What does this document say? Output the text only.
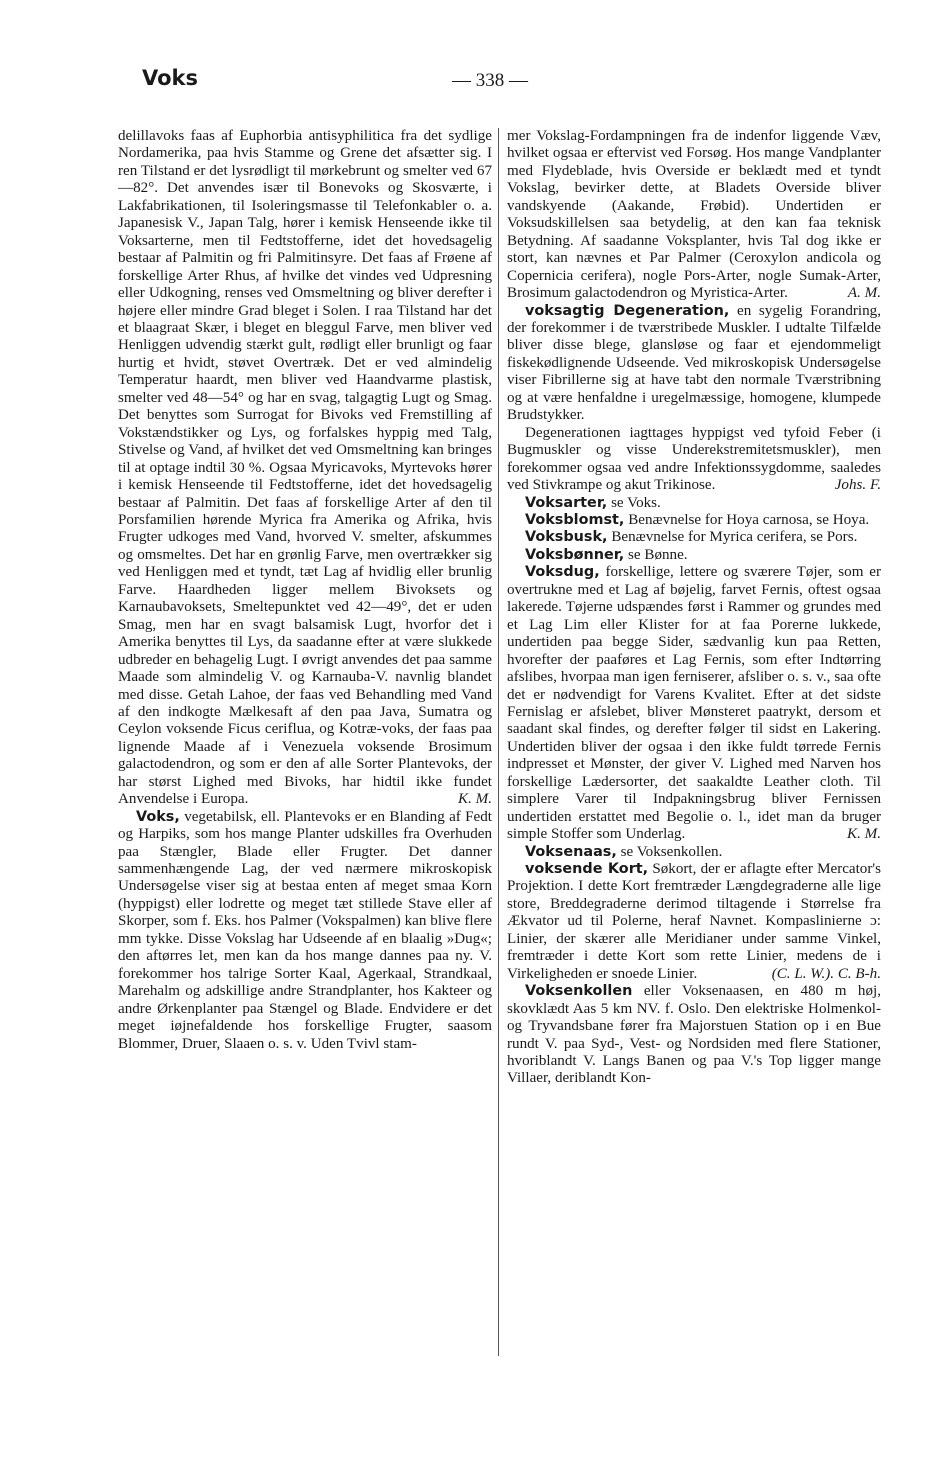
Voks	— 338 —

delillavoks faas af Euphorbia antisyphilitica fra det sydlige Nordamerika, paa hvis Stamme og Grene det afsætter sig. I ren Tilstand er det lysrødligt til mørkebrunt og smelter ved 67—82°. Det anvendes især til Bonevoks og Skosværte, i Lakfabrikationen, til Isoleringsmasse til Telefonkabler o. a. Japanesisk V., Japan Talg, hører i kemisk Henseende ikke til Voksarterne, men til Fedtstofferne, idet det hovedsagelig bestaar af Palmitin og fri Palmitinsyre. Det faas af Frøene af forskellige Arter Rhus, af hvilke det vindes ved Udpresning eller Udkogning, renses ved Omsmeltning og bliver derefter i højere eller mindre Grad bleget i Solen. I raa Tilstand har det et blaagraat Skær, i bleget en bleggul Farve, men bliver ved Henliggen udvendig stærkt gult, rødligt eller brunligt og faar hurtig et hvidt, støvet Overtræk. Det er ved almindelig Temperatur haardt, men bliver ved Haandvarme plastisk, smelter ved 48—54° og har en svag, talgagtig Lugt og Smag. Det benyttes som Surrogat for Bivoks ved Fremstilling af Vokstændstikker og Lys, og forfalskes hyppig med Talg, Stivelse og Vand, af hvilket det ved Omsmeltning kan bringes til at optage indtil 30 %. Ogsaa Myricavoks, Myrtevoks hører i kemisk Henseende til Fedtstofferne, idet det hovedsagelig bestaar af Palmitin. Det faas af forskellige Arter af den til Porsfamilien hørende Myrica fra Amerika og Afrika, hvis Frugter udkoges med Vand, hvorved V. smelter, afskummes og omsmeltes. Det har en grønlig Farve, men overtrækker sig ved Henliggen med et tyndt, tæt Lag af hvidlig eller brunlig Farve. Haardheden ligger mellem Bivoksets og Karnaubavoksets, Smeltepunktet ved 42—49°, det er uden Smag, men har en svagt balsamisk Lugt, hvorfor det i Amerika benyttes til Lys, da saadanne efter at være slukkede udbreder en behagelig Lugt. I øvrigt anvendes det paa samme Maade som almindelig V. og Karnauba-V. navnlig blandet med disse. Getah Lahoe, der faas ved Behandling med Vand af den indkogte Mælkesaft af den paa Java, Sumatra og Ceylon voksende Ficus ceriflua, og Kotræ-voks, der faas paa lignende Maade af i Venezuela voksende Brosimum galactodendron, og som er den af alle Sorter Plantevoks, der har størst Lighed med Bivoks, har hidtil ikke fundet Anvendelse i Europa.	K. M.

Voks, vegetabilsk, ell. Plantevoks er en Blanding af Fedt og Harpiks, som hos mange Planter udskilles fra Overhuden paa Stængler, Blade eller Frugter. Det danner sammenhængende Lag, der ved nærmere mikroskopisk Undersøgelse viser sig at bestaa enten af meget smaa Korn (hyppigst) eller lodrette og meget tæt stillede Stave eller af Skorper, som f. Eks. hos Palmer (Vokspalmen) kan blive flere mm tykke. Disse Vokslag har Udseende af en blaalig »Dug«; den aftørres let, men kan da hos mange dannes paa ny. V. forekommer hos talrige Sorter Kaal, Agerkaal, Strandkaal, Marehalm og adskillige andre Strandplanter, hos Kakteer og andre Ørkenplanter paa Stængel og Blade. Endvidere er det meget iøjnefaldende hos forskellige Frugter, saasom Blommer, Druer, Slaaen o. s. v. Uden Tvivl stam-

mer Vokslag-Fordampningen fra de indenfor liggende Væv, hvilket ogsaa er eftervist ved Forsøg. Hos mange Vandplanter med Flydeblade, hvis Overside er beklædt med et tyndt Vokslag, bevirker dette, at Bladets Overside bliver vandskyende (Aakande, Frøbid). Undertiden er Voksudskillelsen saa betydelig, at den kan faa teknisk Betydning. Af saadanne Voksplanter, hvis Tal dog ikke er stort, kan nævnes et Par Palmer (Ceroxylon andicola og Copernicia cerifera), nogle Pors-Arter, nogle Sumak-Arter, Brosimum galactodendron og Myristica-Arter.	A. M.

voksagtig Degeneration, en sygelig Forandring, der forekommer i de tværstribede Muskler. I udtalte Tilfælde bliver disse blege, glansløse og faar et ejendommeligt fiskekødlignende Udseende. Ved mikroskopisk Undersøgelse viser Fibrillerne sig at have tabt den normale Tværstribning og at være henfaldne i uregelmæssige, homogene, klumpede Brudstykker.

Degenerationen iagttages hyppigst ved tyfoid Feber (i Bugmuskler og visse Underekstremitetsmuskler), men forekommer ogsaa ved andre Infektionssygdomme, saaledes ved Stivkrampe og akut Trikinose.	Johs. F.

Voksarter, se Voks.

Voksblomst, Benævnelse for Hoya carnosa, se Hoya.

Voksbusk, Benævnelse for Myrica cerifera, se Pors.

Voksbønner, se Bønne.

Voksdug, forskellige, lettere og sværere Tøjer, som er overtrukne med et Lag af bøjelig, farvet Fernis, oftest ogsaa lakerede. Tøjerne udspændes først i Rammer og grundes med et Lag Lim eller Klister for at faa Porerne lukkede, undertiden paa begge Sider, sædvanlig kun paa Retten, hvorefter der paaføres et Lag Fernis, som efter Indtørring afslibes, hvorpaa man igen ferniserer, afsliber o. s. v., saa ofte det er nødvendigt for Varens Kvalitet. Efter at det sidste Fernislag er afslebet, bliver Mønsteret paatrykt, dersom et saadant skal findes, og derefter følger til sidst en Lakering. Undertiden bliver der ogsaa i den ikke fuldt tørrede Fernis indpresset et Mønster, der giver V. Lighed med Narven hos forskellige Lædersorter, det saakaldte Leather cloth. Til simplere Varer til Indpakningsbrug bliver Fernissen undertiden erstattet med Begolie o. l., idet man da bruger simple Stoffer som Underlag.	K. M.

Voksenaas, se Voksenkollen.

voksende Kort, Søkort, der er aflagte efter Mercator's Projektion. I dette Kort fremtræder Længdegraderne alle lige store, Breddegraderne derimod tiltagende i Størrelse fra Ækvator ud til Polerne, heraf Navnet. Kompaslinierne ɔ: Linier, der skærer alle Meridianer under samme Vinkel, fremtræder i dette Kort som rette Linier, medens de i Virkeligheden er snoede Linier.	(C. L. W.). C. B-h.

Voksenkollen eller Voksenaasen, en 480 m høj, skovklædt Aas 5 km NV. f. Oslo. Den elektriske Holmenkol- og Tryvandsbane fører fra Majorstuen Station op i en Bue rundt V. paa Syd-, Vest- og Nordsiden med flere Stationer, hvoriblandt V. Langs Banen og paa V.'s Top ligger mange Villaer, deriblandt Kon-
